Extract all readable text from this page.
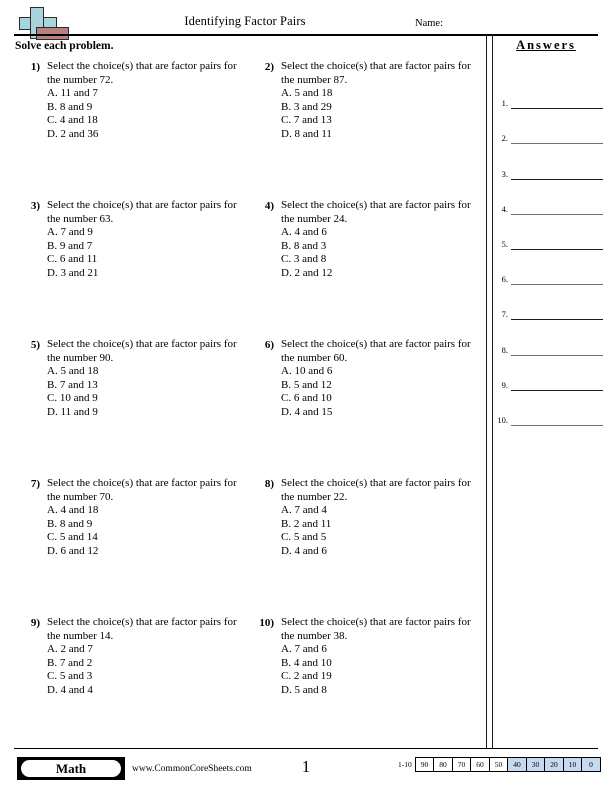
Identifying Factor Pairs	Name:
Solve each problem.
1) Select the choice(s) that are factor pairs for the number 72.
A. 11 and 7
B. 8 and 9
C. 4 and 18
D. 2 and 36
2) Select the choice(s) that are factor pairs for the number 87.
A. 5 and 18
B. 3 and 29
C. 7 and 13
D. 8 and 11
3) Select the choice(s) that are factor pairs for the number 63.
A. 7 and 9
B. 9 and 7
C. 6 and 11
D. 3 and 21
4) Select the choice(s) that are factor pairs for the number 24.
A. 4 and 6
B. 8 and 3
C. 3 and 8
D. 2 and 12
5) Select the choice(s) that are factor pairs for the number 90.
A. 5 and 18
B. 7 and 13
C. 10 and 9
D. 11 and 9
6) Select the choice(s) that are factor pairs for the number 60.
A. 10 and 6
B. 5 and 12
C. 6 and 10
D. 4 and 15
7) Select the choice(s) that are factor pairs for the number 70.
A. 4 and 18
B. 8 and 9
C. 5 and 14
D. 6 and 12
8) Select the choice(s) that are factor pairs for the number 22.
A. 7 and 4
B. 2 and 11
C. 5 and 5
D. 4 and 6
9) Select the choice(s) that are factor pairs for the number 14.
A. 2 and 7
B. 7 and 2
C. 5 and 3
D. 4 and 4
10) Select the choice(s) that are factor pairs for the number 38.
A. 7 and 6
B. 4 and 10
C. 2 and 19
D. 5 and 8
Answers
1.
2.
3.
4.
5.
6.
7.
8.
9.
10.
Math	www.CommonCoreSheets.com	1	1-10	90	80	70	60	50	40	30	20	10	0
